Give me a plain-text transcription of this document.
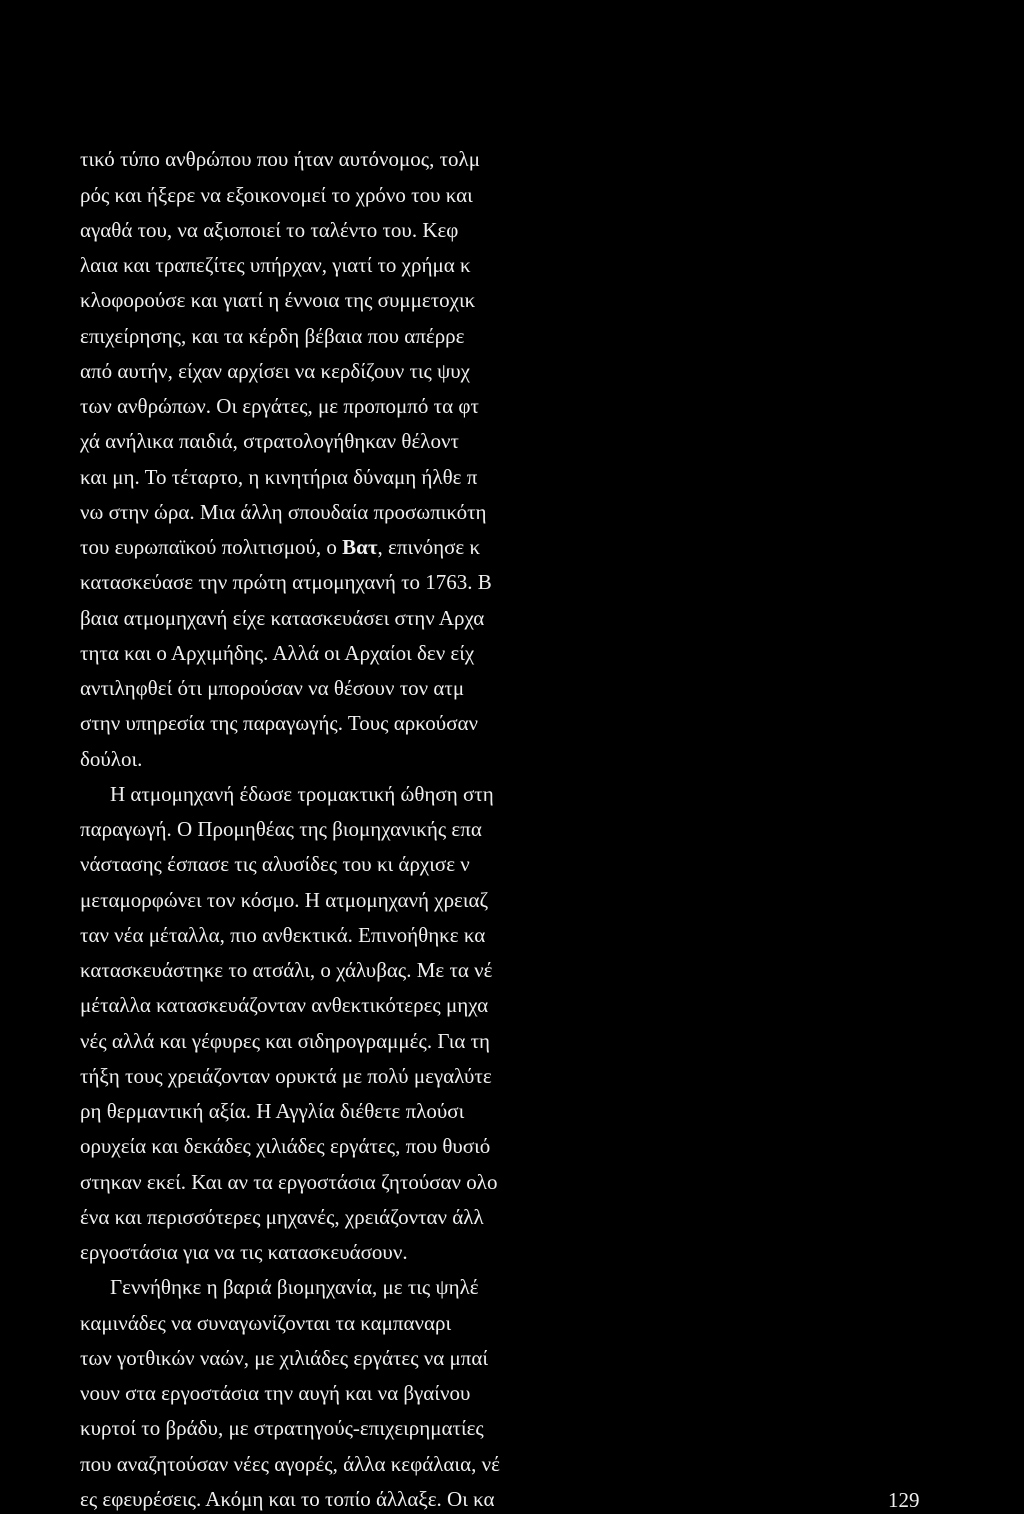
τικό τύπο ανθρώπου που ήταν αυτόνομος, τολμ
ρός και ήξερε να εξοικονομεί το χρόνο του και
αγαθά του, να αξιοποιεί το ταλέντο του. Κεφ
λαια και τραπεζίτες υπήρχαν, γιατί το χρήμα κ
κλοφορούσε και γιατί η έννοια της συμμετοχικ
επιχείρησης, και τα κέρδη βέβαια που απέρρε
από αυτήν, είχαν αρχίσει να κερδίζουν τις ψυχ
των ανθρώπων. Οι εργάτες, με προπομπό τα φτ
χά ανήλικα παιδιά, στρατολογήθηκαν θέλοντ
και μη. Το τέταρτο, η κινητήρια δύναμη ήλθε π
νω στην ώρα. Μια άλλη σπουδαία προσωπικότη
του ευρωπαϊκού πολιτισμού, ο Βατ, επινόησε κ
κατασκεύασε την πρώτη ατμομηχανή το 1763. Β
βαια ατμομηχανή είχε κατασκευάσει στην Αρχα
τητα και ο Αρχιμήδης. Αλλά οι Αρχαίοι δεν είχ
αντιληφθεί ότι μπορούσαν να θέσουν τον ατμ
στην υπηρεσία της παραγωγής. Τους αρκούσαν
δούλοι.
Η ατμομηχανή έδωσε τρομακτική ώθηση στη
παραγωγή. Ο Προμηθέας της βιομηχανικής επα
νάστασης έσπασε τις αλυσίδες του κι άρχισε ν
μεταμορφώνει τον κόσμο. Η ατμομηχανή χρειαζ
ταν νέα μέταλλα, πιο ανθεκτικά. Επινοήθηκε κα
κατασκευάστηκε το ατσάλι, ο χάλυβας. Με τα νέ
μέταλλα κατασκευάζονταν ανθεκτικότερες μηχα
νές αλλά και γέφυρες και σιδηρογραμμές. Για τη
τήξη τους χρειάζονταν ορυκτά με πολύ μεγαλύτε
ρη θερμαντική αξία. Η Αγγλία διέθετε πλούσι
ορυχεία και δεκάδες χιλιάδες εργάτες, που θυσιό
στηκαν εκεί. Και αν τα εργοστάσια ζητούσαν ολο
ένα και περισσότερες μηχανές, χρειάζονταν άλλ
εργοστάσια για να τις κατασκευάσουν.
Γεννήθηκε η βαριά βιομηχανία, με τις ψηλέ
καμινάδες να συναγωνίζονται τα καμπαναρι
των γοτθικών ναών, με χιλιάδες εργάτες να μπαί
νουν στα εργοστάσια την αυγή και να βγαίνου
κυρτοί το βράδυ, με στρατηγούς-επιχειρηματίες
που αναζητούσαν νέες αγορές, άλλα κεφάλαια, νέ
ες εφευρέσεις. Ακόμη και το τοπίο άλλαξε. Οι κα	129
